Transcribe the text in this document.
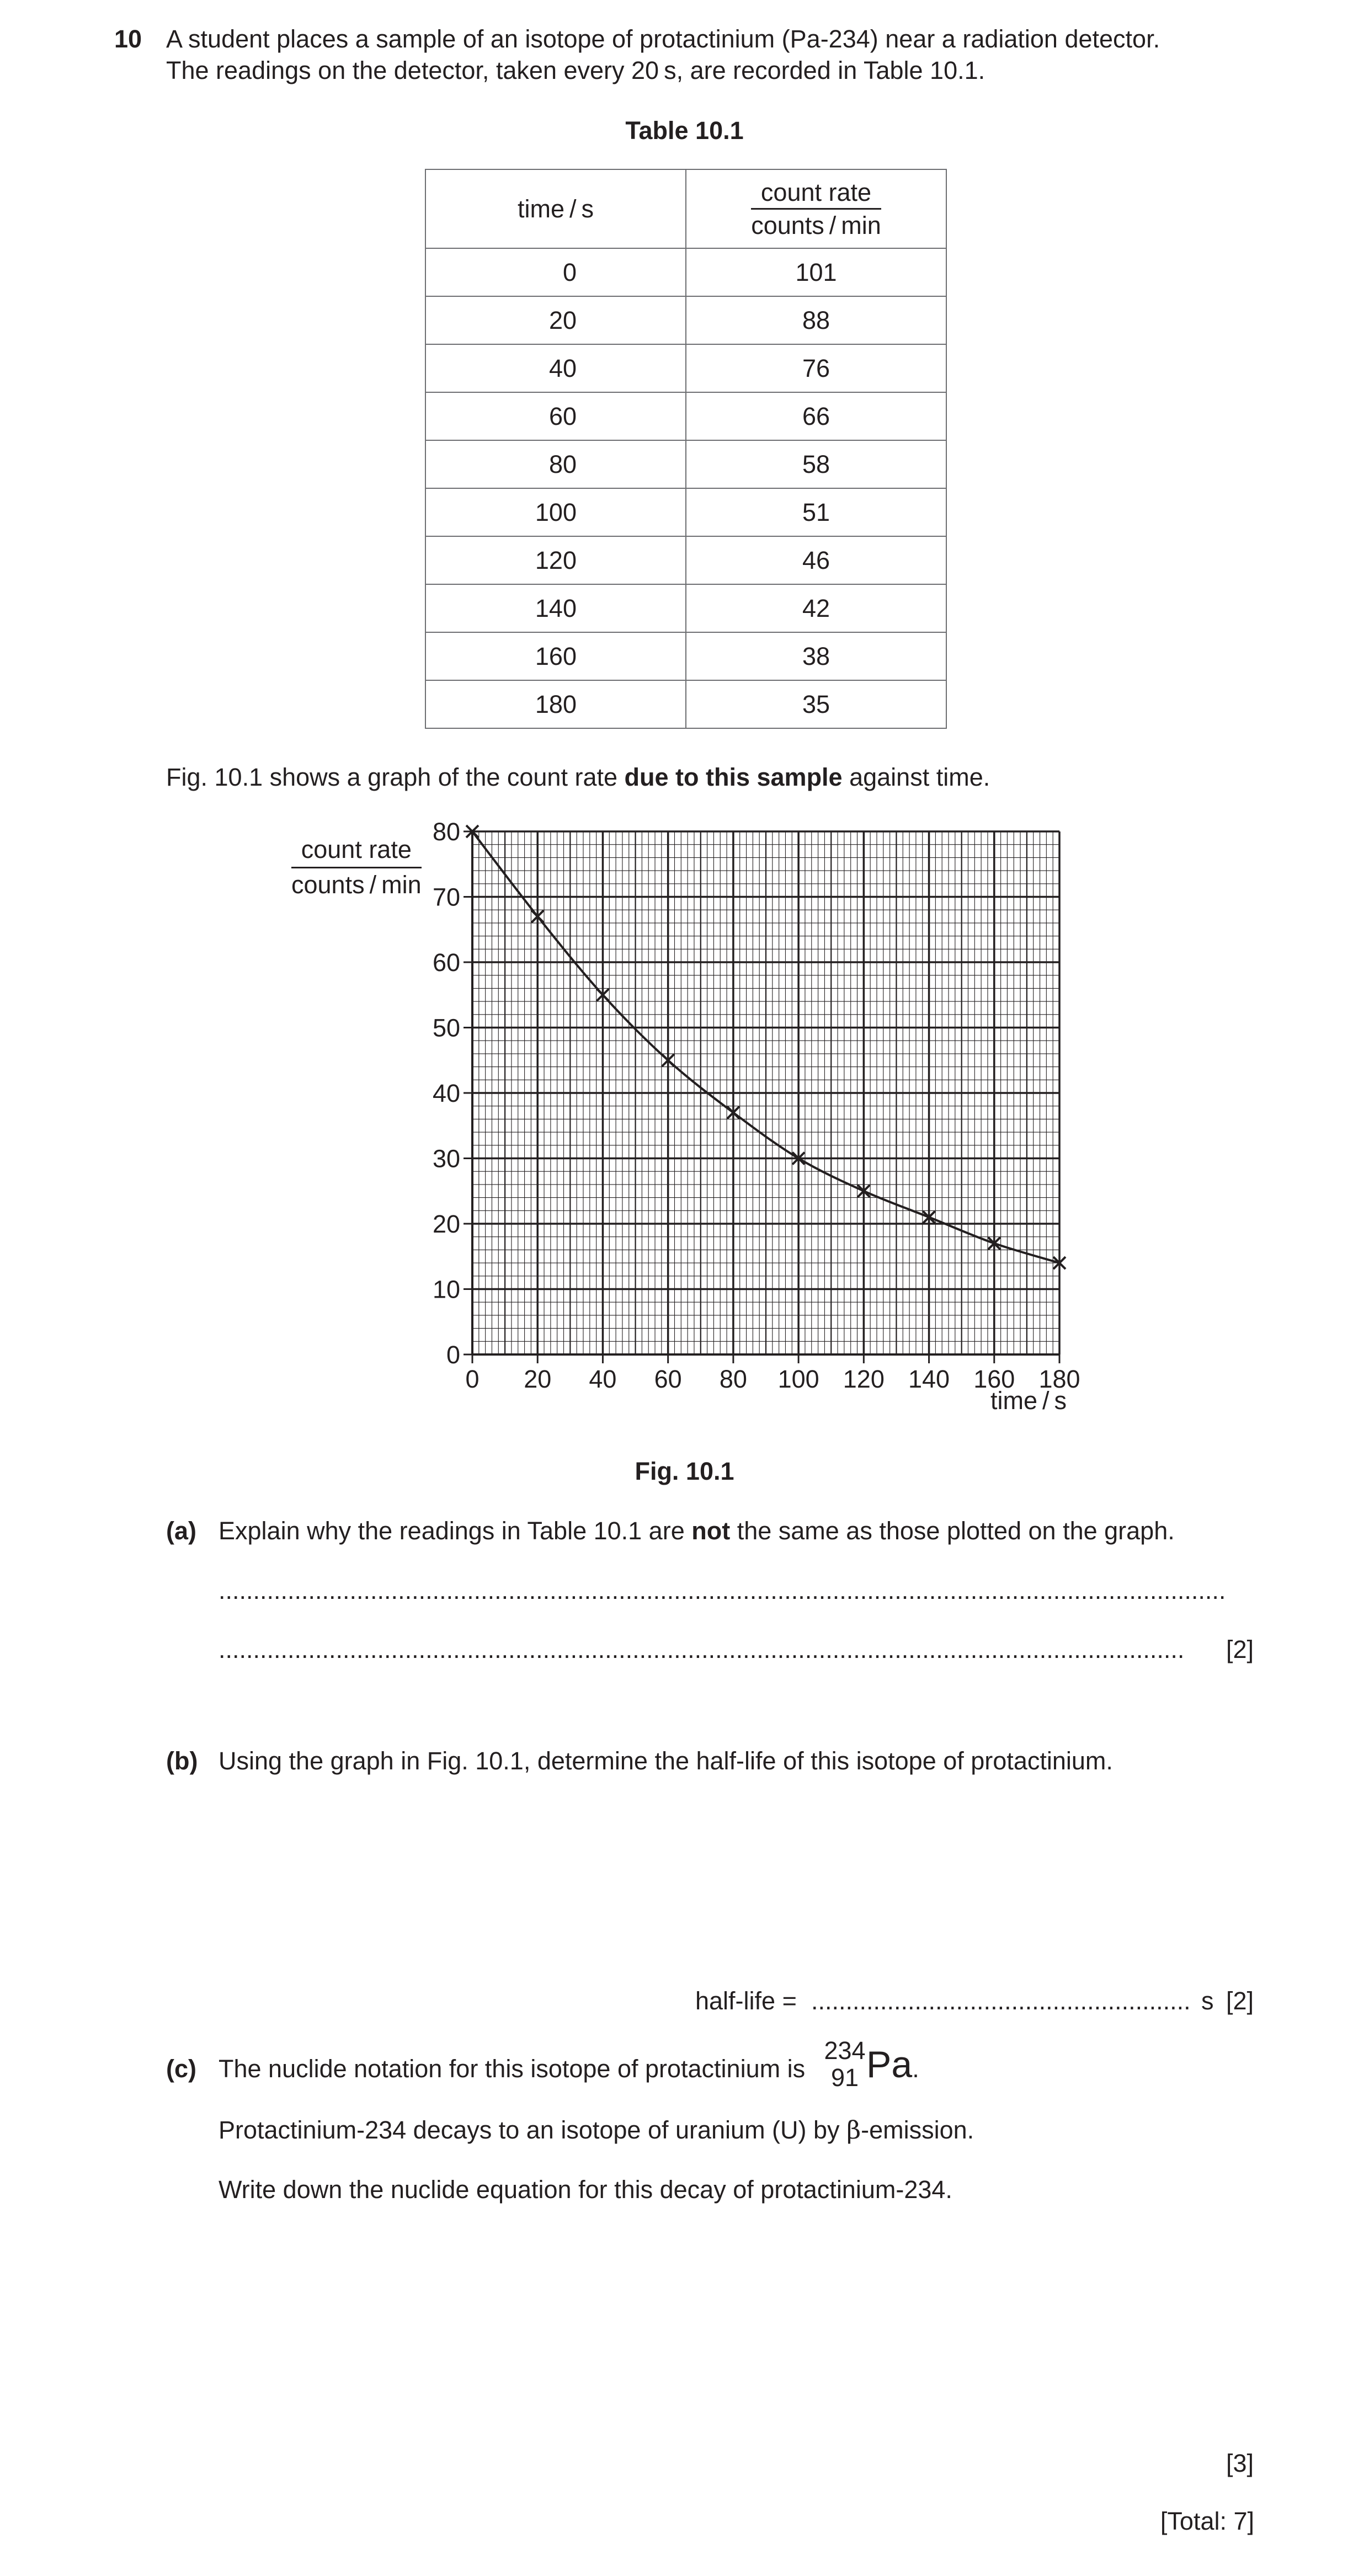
10 A student places a sample of an isotope of protactinium (Pa-234) near a radiation detector.
The readings on the detector, taken every 20 s, are recorded in Table 10.1.
Table 10.1
time / s	$\frac{\text{count rate}}{\text{counts / min}}$

0	101
20	88
40	76
60	66
80	58
100	51
120	46
140	42
160	38
180	35
Fig. 10.1 shows a graph of the count rate due to this sample against time.
$\frac{\text{count rate}}{\text{counts / min}}$
0 20 40 60 80 100 120 140 160 180
0
10
20
30
40
50
60
70
80
time / s
Fig. 10.1
(a) Explain why the readings in Table 10.1 are not the same as those plotted on the graph.
..................................................................................................................................................
............................................................................................................................................	[2]
(b) Using the graph in Fig. 10.1, determine the half-life of this isotope of protactinium.
half-life = ....................................................... s [2]
(c) The nuclide notation for this isotope of protactinium is
234
91 Pa.
Protactinium-234 decays to an isotope of uranium (U) by β-emission.
Write down the nuclide equation for this decay of protactinium-234.
[3]
[Total: 7]
